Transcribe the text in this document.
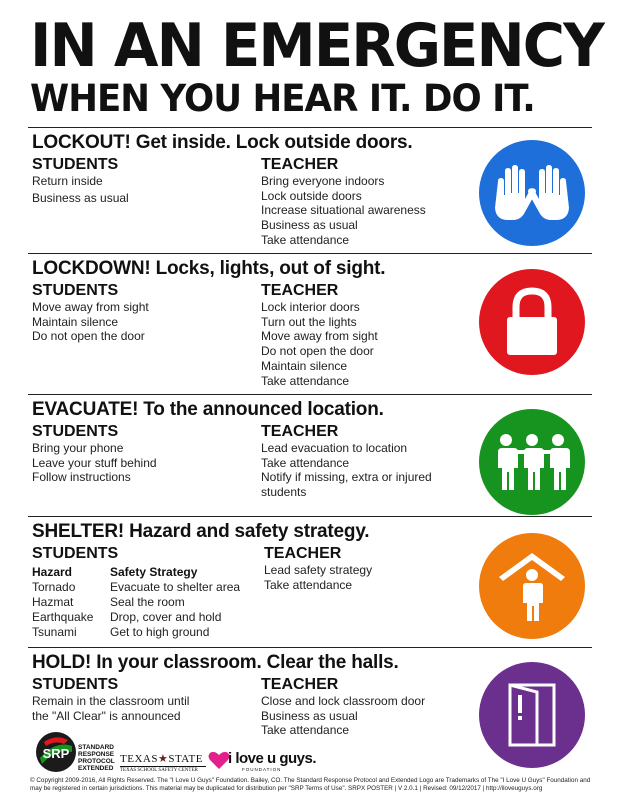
IN AN EMERGENCY
WHEN YOU HEAR IT. DO IT.
LOCKOUT! Get inside. Lock outside doors.
STUDENTS
Return inside
Business as usual
TEACHER
Bring everyone indoors
Lock outside doors
Increase situational awareness
Business as usual
Take attendance
LOCKDOWN! Locks, lights, out of sight.
STUDENTS
Move away from sight
Maintain silence
Do not open the door
TEACHER
Lock interior doors
Turn out the lights
Move away from sight
Do not open the door
Maintain silence
Take attendance
EVACUATE! To the announced location.
STUDENTS
Bring your phone
Leave your stuff behind
Follow instructions
TEACHER
Lead evacuation to location
Take attendance
Notify if missing, extra or injured
students
SHELTER! Hazard and safety strategy.
STUDENTS
Hazard	Safety Strategy
Tornado	Evacuate to shelter area
Hazmat	Seal the room
Earthquake Drop, cover and hold
Tsunami	Get to high ground
TEACHER
Lead safety strategy
Take attendance
HOLD! In your classroom. Clear the halls.
STUDENTS
Remain in the classroom until
the "All Clear" is announced
TEACHER
Close and lock classroom door
Business as usual
Take attendance
SRP STANDARD
RESPONSE
PROTOCOL
EXTENDED
TEXAS★STATE
TEXAS SCHOOL SAFETY CENTER
i love u guys.
FOUNDATION
© Copyright 2009-2016, All Rights Reserved. The "I Love U Guys" Foundation. Bailey, CO. The Standard Response Protocol and Extended Logo are Trademarks of The "I Love U Guys" Foundation and may be registered in certain jurisdictions. This material may be duplicated for distribution per "SRP Terms of Use". SRPX POSTER | V 2.0.1 | Revised: 09/12/2017 | http://iloveuguys.org
